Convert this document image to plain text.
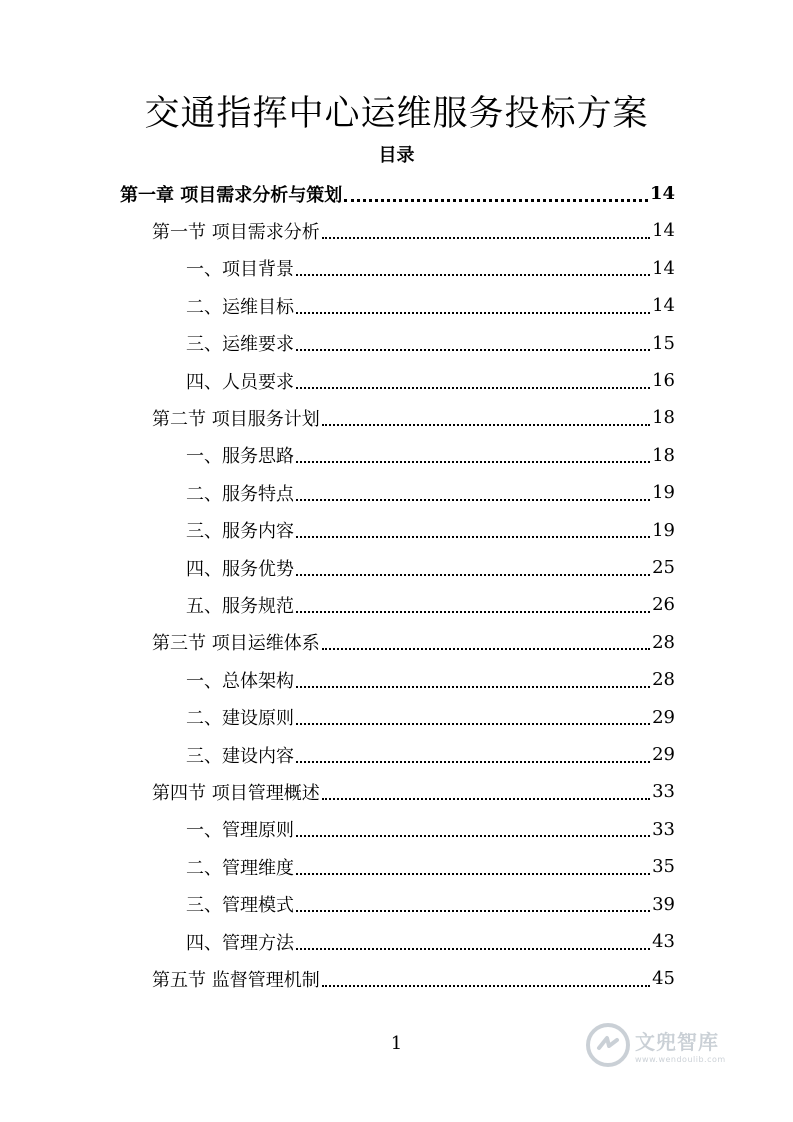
交通指挥中心运维服务投标方案
目录
第一章 项目需求分析与策划	14
第一节 项目需求分析	14
一、项目背景	14
二、运维目标	14
三、运维要求	15
四、人员要求	16
第二节 项目服务计划	18
一、服务思路	18
二、服务特点	19
三、服务内容	19
四、服务优势	25
五、服务规范	26
第三节 项目运维体系	28
一、总体架构	28
二、建设原则	29
三、建设内容	29
第四节 项目管理概述	33
一、管理原则	33
二、管理维度	35
三、管理模式	39
四、管理方法	43
第五节 监督管理机制	45
1	文兜智库
www.wendoulib.com
